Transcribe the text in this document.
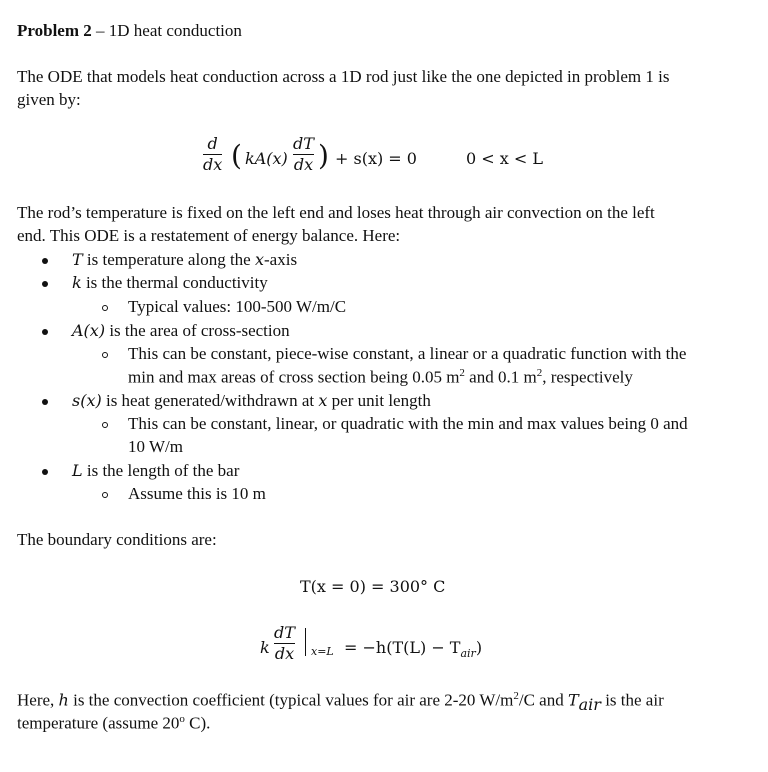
Problem 2 – 1D heat conduction
The ODE that models heat conduction across a 1D rod just like the one depicted in problem 1 is
given by:
d
dx ( kA(x)
dT
dx ) + s(x) = 0	0 < x < L
The rod’s temperature is fixed on the left end and loses heat through air convection on the left
end. This ODE is a restatement of energy balance. Here:
T is temperature along the x-axis
k is the thermal conductivity
Typical values: 100-500 W/m/C
A(x) is the area of cross-section
This can be constant, piece-wise constant, a linear or a quadratic function with the
min and max areas of cross section being 0.05 $m^2$ and 0.1 $m^2$, respectively
s(x) is heat generated/withdrawn at x per unit length
This can be constant, linear, or quadratic with the min and max values being 0 and
10 W/m
L is the length of the bar
Assume this is 10 m
The boundary conditions are:
T(x = 0) = 300° C
k
dT
dx $x=L = -h(T(L) - T_{air})$
Here, h is the convection coefficient (typical values for air are 2-20 $W/m^2/C$ and $T_{air}$ is the air
temperature (assume 20$^o$ C).
